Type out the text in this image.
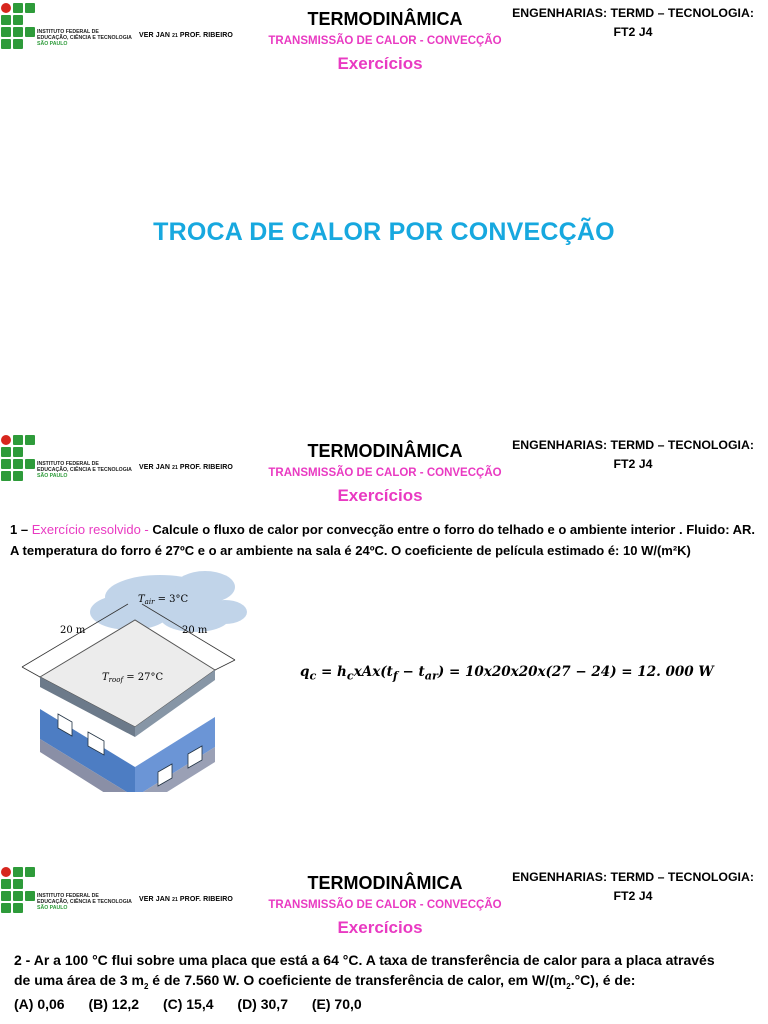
INSTITUTO FEDERAL DE
EDUCAÇÃO, CIÊNCIA E TECNOLOGIA
SÃO PAULO
VER JAN 21 PROF. RIBEIRO
TERMODINÂMICA
TRANSMISSÃO DE CALOR - CONVECÇÃO
Exercícios
ENGENHARIAS: TERMD – TECNOLOGIA:
FT2 J4
TROCA DE CALOR POR CONVECÇÃO
INSTITUTO FEDERAL DE
EDUCAÇÃO, CIÊNCIA E TECNOLOGIA
SÃO PAULO
VER JAN 21 PROF. RIBEIRO
TERMODINÂMICA
TRANSMISSÃO DE CALOR - CONVECÇÃO
Exercícios
ENGENHARIAS: TERMD – TECNOLOGIA:
FT2 J4
1 – Exercício resolvido - Calcule o fluxo de calor por convecção entre o forro do telhado e o ambiente interior . Fluido: AR. A temperatura do forro é 27ºC e o ar ambiente na sala é 24ºC. O coeficiente de película estimado é: 10 W/(m²K)
20 m	20 m
$T_{air} = 3^\circ C$
$T_{roof} = 27^\circ C$	$q_c = h_cxAx(t_f - t_{ar}) = 10x20x20x(27 - 24) = 12$. 000 W
INSTITUTO FEDERAL DE
EDUCAÇÃO, CIÊNCIA E TECNOLOGIA
SÃO PAULO
VER JAN 21 PROF. RIBEIRO
TERMODINÂMICA
TRANSMISSÃO DE CALOR - CONVECÇÃO
Exercícios
ENGENHARIAS: TERMD – TECNOLOGIA:
FT2 J4
2 - Ar a 100 °C flui sobre uma placa que está a 64 °C. A taxa de transferência de calor para a placa através
de uma área de 3 $m_2$ é de 7.560 W. O coeficiente de transferência de calor, em $W/(m_2.^\circ C)$, é de:
(A) 0,06 (B) 12,2 (C) 15,4 (D) 30,7 (E) 70,0
